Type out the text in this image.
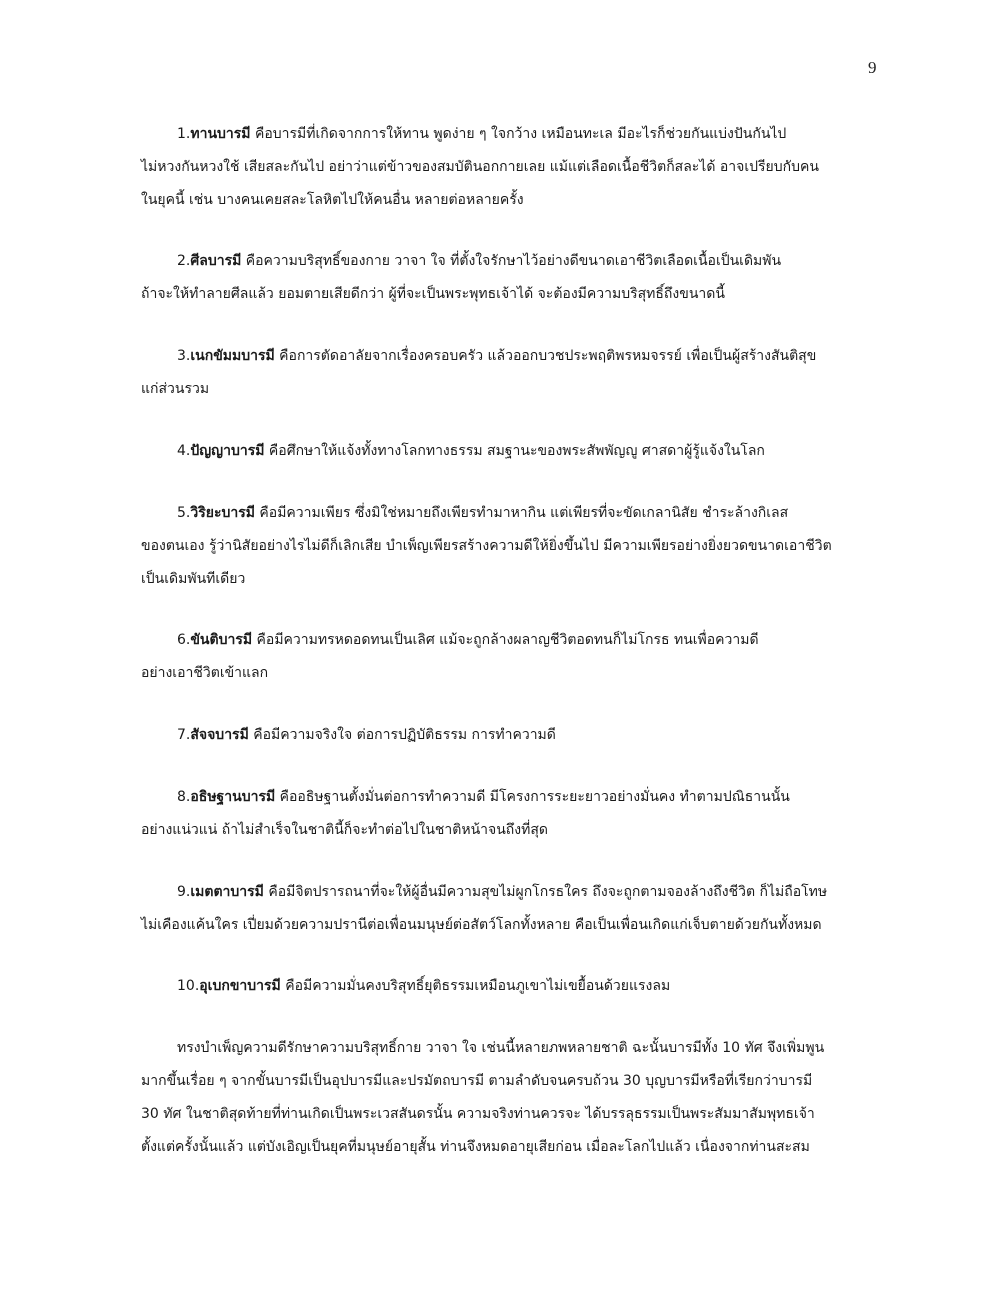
9
1.ทานบารมี คือบารมีที่เกิดจากการให้ทาน พูดง่าย ๆ ใจกว้าง เหมือนทะเล มีอะไรก็ช่วยกันแบ่งปันกันไป
ไม่หวงกันหวงใช้ เสียสละกันไป อย่าว่าแต่ข้าวของสมบัตินอกกายเลย แม้แต่เลือดเนื้อชีวิตก็สละได้ อาจเปรียบกับคน
ในยุคนี้ เช่น บางคนเคยสละโลหิตไปให้คนอื่น หลายต่อหลายครั้ง
2.ศีลบารมี คือความบริสุทธิ์ของกาย วาจา ใจ ที่ตั้งใจรักษาไว้อย่างดีขนาดเอาชีวิตเลือดเนื้อเป็นเดิมพัน
ถ้าจะให้ทำลายศีลแล้ว ยอมตายเสียดีกว่า ผู้ที่จะเป็นพระพุทธเจ้าได้ จะต้องมีความบริสุทธิ์ถึงขนาดนี้
3.เนกขัมมบารมี คือการตัดอาลัยจากเรื่องครอบครัว แล้วออกบวชประพฤติพรหมจรรย์ เพื่อเป็นผู้สร้างสันติสุข
แก่ส่วนรวม
4.ปัญญาบารมี คือศึกษาให้แจ้งทั้งทางโลกทางธรรม สมฐานะของพระสัพพัญญู ศาสดาผู้รู้แจ้งในโลก
5.วิริยะบารมี คือมีความเพียร ซึ่งมิใช่หมายถึงเพียรทำมาหากิน แต่เพียรที่จะขัดเกลานิสัย ชำระล้างกิเลส
ของตนเอง รู้ว่านิสัยอย่างไรไม่ดีก็เลิกเสีย บำเพ็ญเพียรสร้างความดีให้ยิ่งขึ้นไป มีความเพียรอย่างยิ่งยวดขนาดเอาชีวิต
เป็นเดิมพันทีเดียว
6.ขันติบารมี คือมีความทรหดอดทนเป็นเลิศ แม้จะถูกล้างผลาญชีวิตอดทนก็ไม่โกรธ ทนเพื่อความดี
อย่างเอาชีวิตเข้าแลก
7.สัจจบารมี คือมีความจริงใจ ต่อการปฏิบัติธรรม การทำความดี
8.อธิษฐานบารมี คืออธิษฐานตั้งมั่นต่อการทำความดี มีโครงการระยะยาวอย่างมั่นคง ทำตามปณิธานนั้น
อย่างแน่วแน่ ถ้าไม่สำเร็จในชาตินี้ก็จะทำต่อไปในชาติหน้าจนถึงที่สุด
9.เมตตาบารมี คือมีจิตปรารถนาที่จะให้ผู้อื่นมีความสุขไม่ผูกโกรธใคร ถึงจะถูกตามจองล้างถึงชีวิต ก็ไม่ถือโทษ
ไม่เคืองแค้นใคร เปี่ยมด้วยความปรานีต่อเพื่อนมนุษย์ต่อสัตว์โลกทั้งหลาย คือเป็นเพื่อนเกิดแก่เจ็บตายด้วยกันทั้งหมด
10.อุเบกขาบารมี คือมีความมั่นคงบริสุทธิ์ยุติธรรมเหมือนภูเขาไม่เขยื้อนด้วยแรงลม
ทรงบำเพ็ญความดีรักษาความบริสุทธิ์กาย วาจา ใจ เช่นนี้หลายภพหลายชาติ ฉะนั้นบารมีทั้ง 10 ทัศ จึงเพิ่มพูน
มากขึ้นเรื่อย ๆ จากขั้นบารมีเป็นอุปบารมีและปรมัตถบารมี ตามลำดับจนครบถ้วน 30 บุญบารมีหรือที่เรียกว่าบารมี
30 ทัศ ในชาติสุดท้ายที่ท่านเกิดเป็นพระเวสสันดรนั้น ความจริงท่านควรจะ ได้บรรลุธรรมเป็นพระสัมมาสัมพุทธเจ้า
ตั้งแต่ครั้งนั้นแล้ว แต่บังเอิญเป็นยุคที่มนุษย์อายุสั้น ท่านจึงหมดอายุเสียก่อน เมื่อละโลกไปแล้ว เนื่องจากท่านสะสม
